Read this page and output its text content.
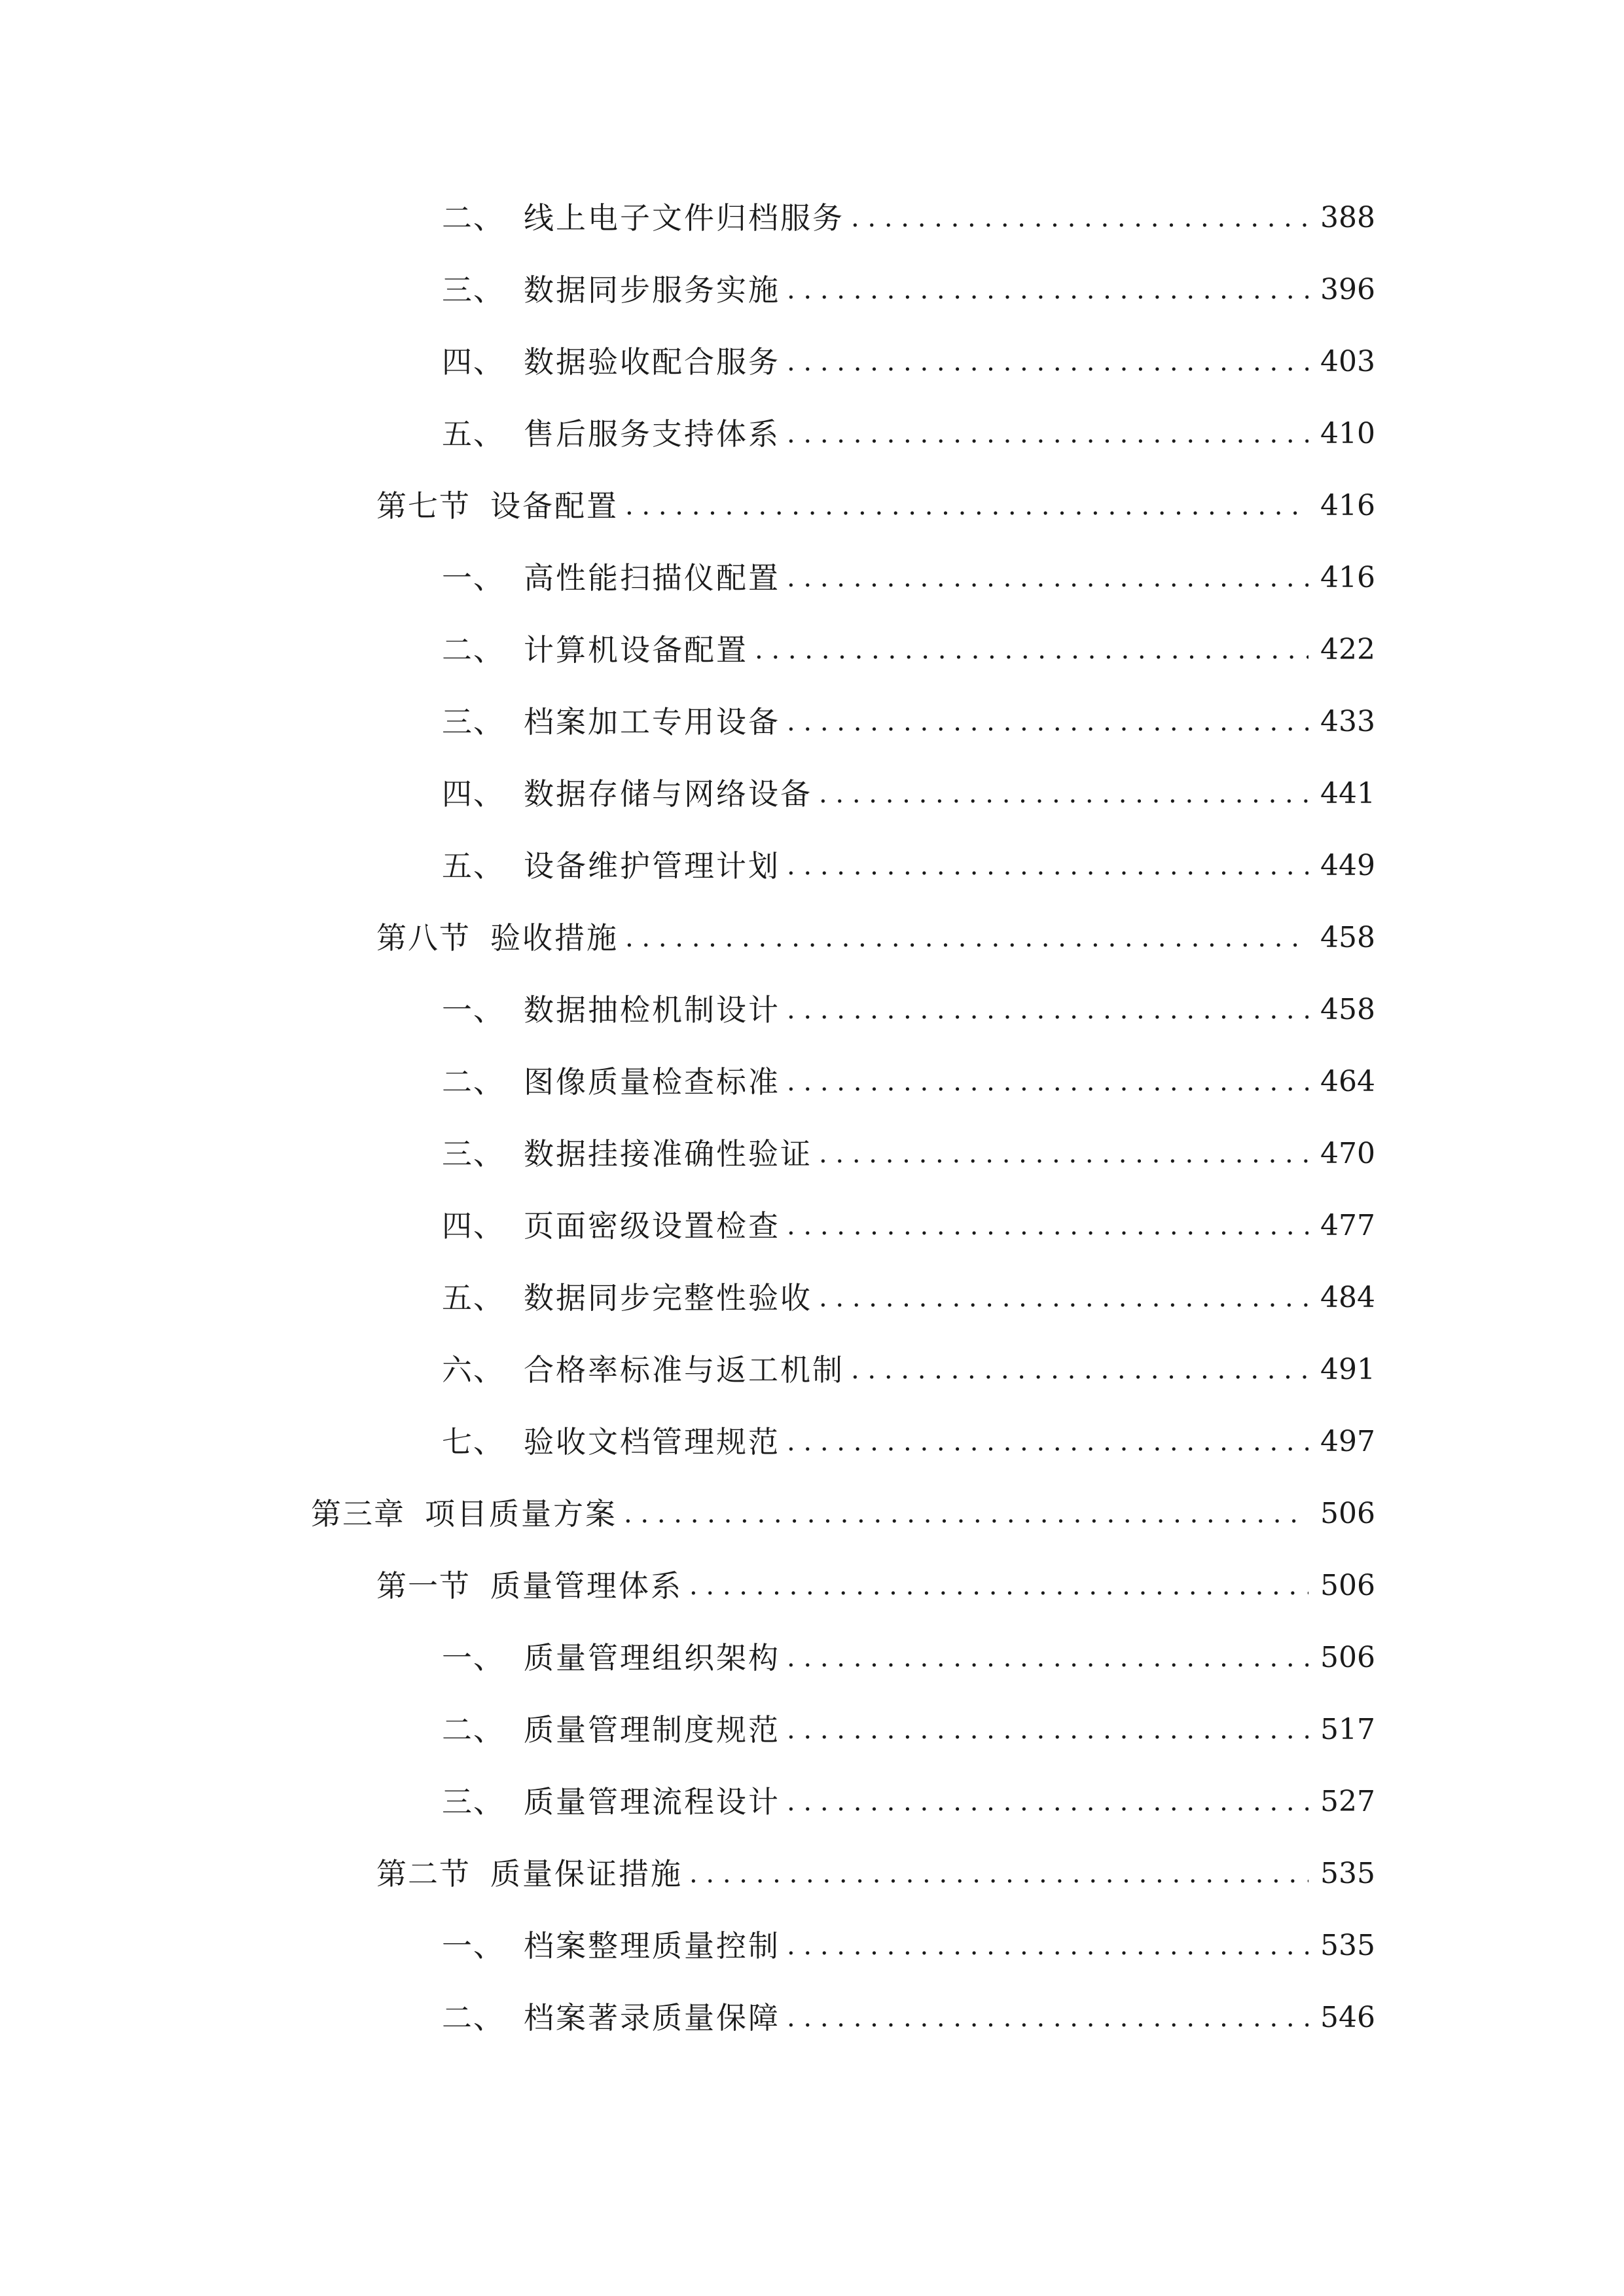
二、 线上电子文件归档服务 . . .	388
三、 数据同步服务实施 . . .	396
四、 数据验收配合服务 . . .	403
五、 售后服务支持体系 . . .	410
第七节 设备配置 . . .	416
一、 高性能扫描仪配置 . . .	416
二、 计算机设备配置 . . .	422
三、 档案加工专用设备 . . .	433
四、 数据存储与网络设备 . . .	441
五、 设备维护管理计划 . . .	449
第八节 验收措施 . . .	458
一、 数据抽检机制设计 . . .	458
二、 图像质量检查标准 . . .	464
三、 数据挂接准确性验证 . . .	470
四、 页面密级设置检查 . . .	477
五、 数据同步完整性验收 . . .	484
六、 合格率标准与返工机制 . . .	491
七、 验收文档管理规范 . . .	497
第三章 项目质量方案 . . .	506
第一节 质量管理体系 . . .	506
一、 质量管理组织架构 . . .	506
二、 质量管理制度规范 . . .	517
三、 质量管理流程设计 . . .	527
第二节 质量保证措施 . . .	535
一、 档案整理质量控制 . . .	535
二、 档案著录质量保障 . . .	546
